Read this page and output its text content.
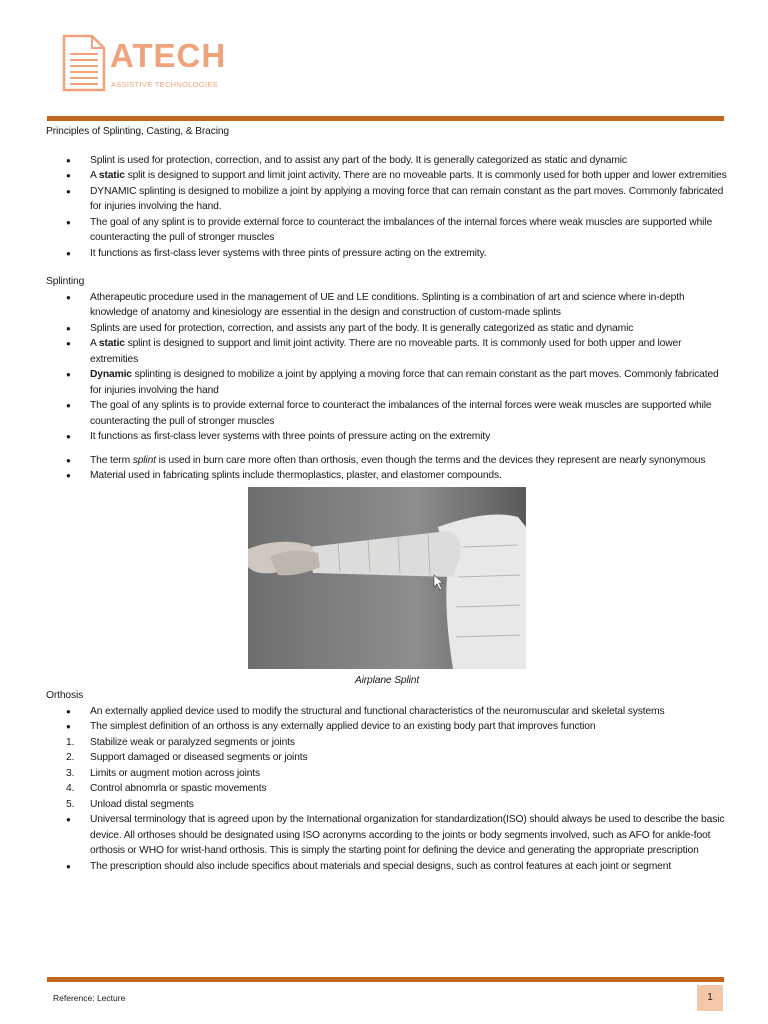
ATECH
ASSISTIVE TECHNOLOGIES

Principles of Splinting, Casting, & Bracing

● Splint is used for protection, correction, and to assist any part of the body. It is generally categorized as static and dynamic
● A static split is designed to support and limit joint activity. There are no moveable parts. It is commonly used for both upper and lower extremities
● DYNAMIC splinting is designed to mobilize a joint by applying a moving force that can remain constant as the part moves. Commonly fabricated for injuries involving the hand.
● The goal of any splint is to provide external force to counteract the imbalances of the internal forces where weak muscles are supported while counteracting the pull of stronger muscles
● It functions as first-class lever systems with three pints of pressure acting on the extremity.

Splinting

● Atherapeutic procedure used in the management of UE and LE conditions. Splinting is a combination of art and science where in-depth knowledge of anatomy and kinesiology are essential in the design and construction of custom-made splints
● Splints are used for protection, correction, and assists any part of the body. It is generally categorized as static and dynamic
● A static splint is designed to support and limit joint activity. There are no moveable parts. It is commonly used for both upper and lower extremities
● Dynamic splinting is designed to mobilize a joint by applying a moving force that can remain constant as the part moves. Commonly fabricated for injuries involving the hand
● The goal of any splints is to provide external force to counteract the imbalances of the internal forces were weak muscles are supported while counteracting the pull of stronger muscles
● It functions as first-class lever systems with three points of pressure acting on the extremity
● The term splint is used in burn care more often than orthosis, even though the terms and the devices they represent are nearly synonymous
● Material used in fabricating splints include thermoplastics, plaster, and elastomer compounds.
Airplane Splint

Orthosis

● An externally applied device used to modify the structural and functional characteristics of the neuromuscular and skeletal systems
● The simplest definition of an orthoss is any externally applied device to an existing body part that improves function
1. Stabilize weak or paralyzed segments or joints
2. Support damaged or diseased segments or joints
3. Limits or augment motion across joints
4. Control abnomrla or spastic movements
5. Unload distal segments
● Universal terminology that is agreed upon by the International organization for standardization(ISO) should always be used to describe the basic device. All orthoses should be designated using ISO acronyms according to the joints or body segments involved, such as AFO for ankle-foot orthosis or WHO for wrist-hand orthosis. This is simply the starting point for defining the device and generating the appropriate prescription
● The prescription should also include specifics about materials and special designs, such as control features at each joint or segment
Reference: Lecture	1
